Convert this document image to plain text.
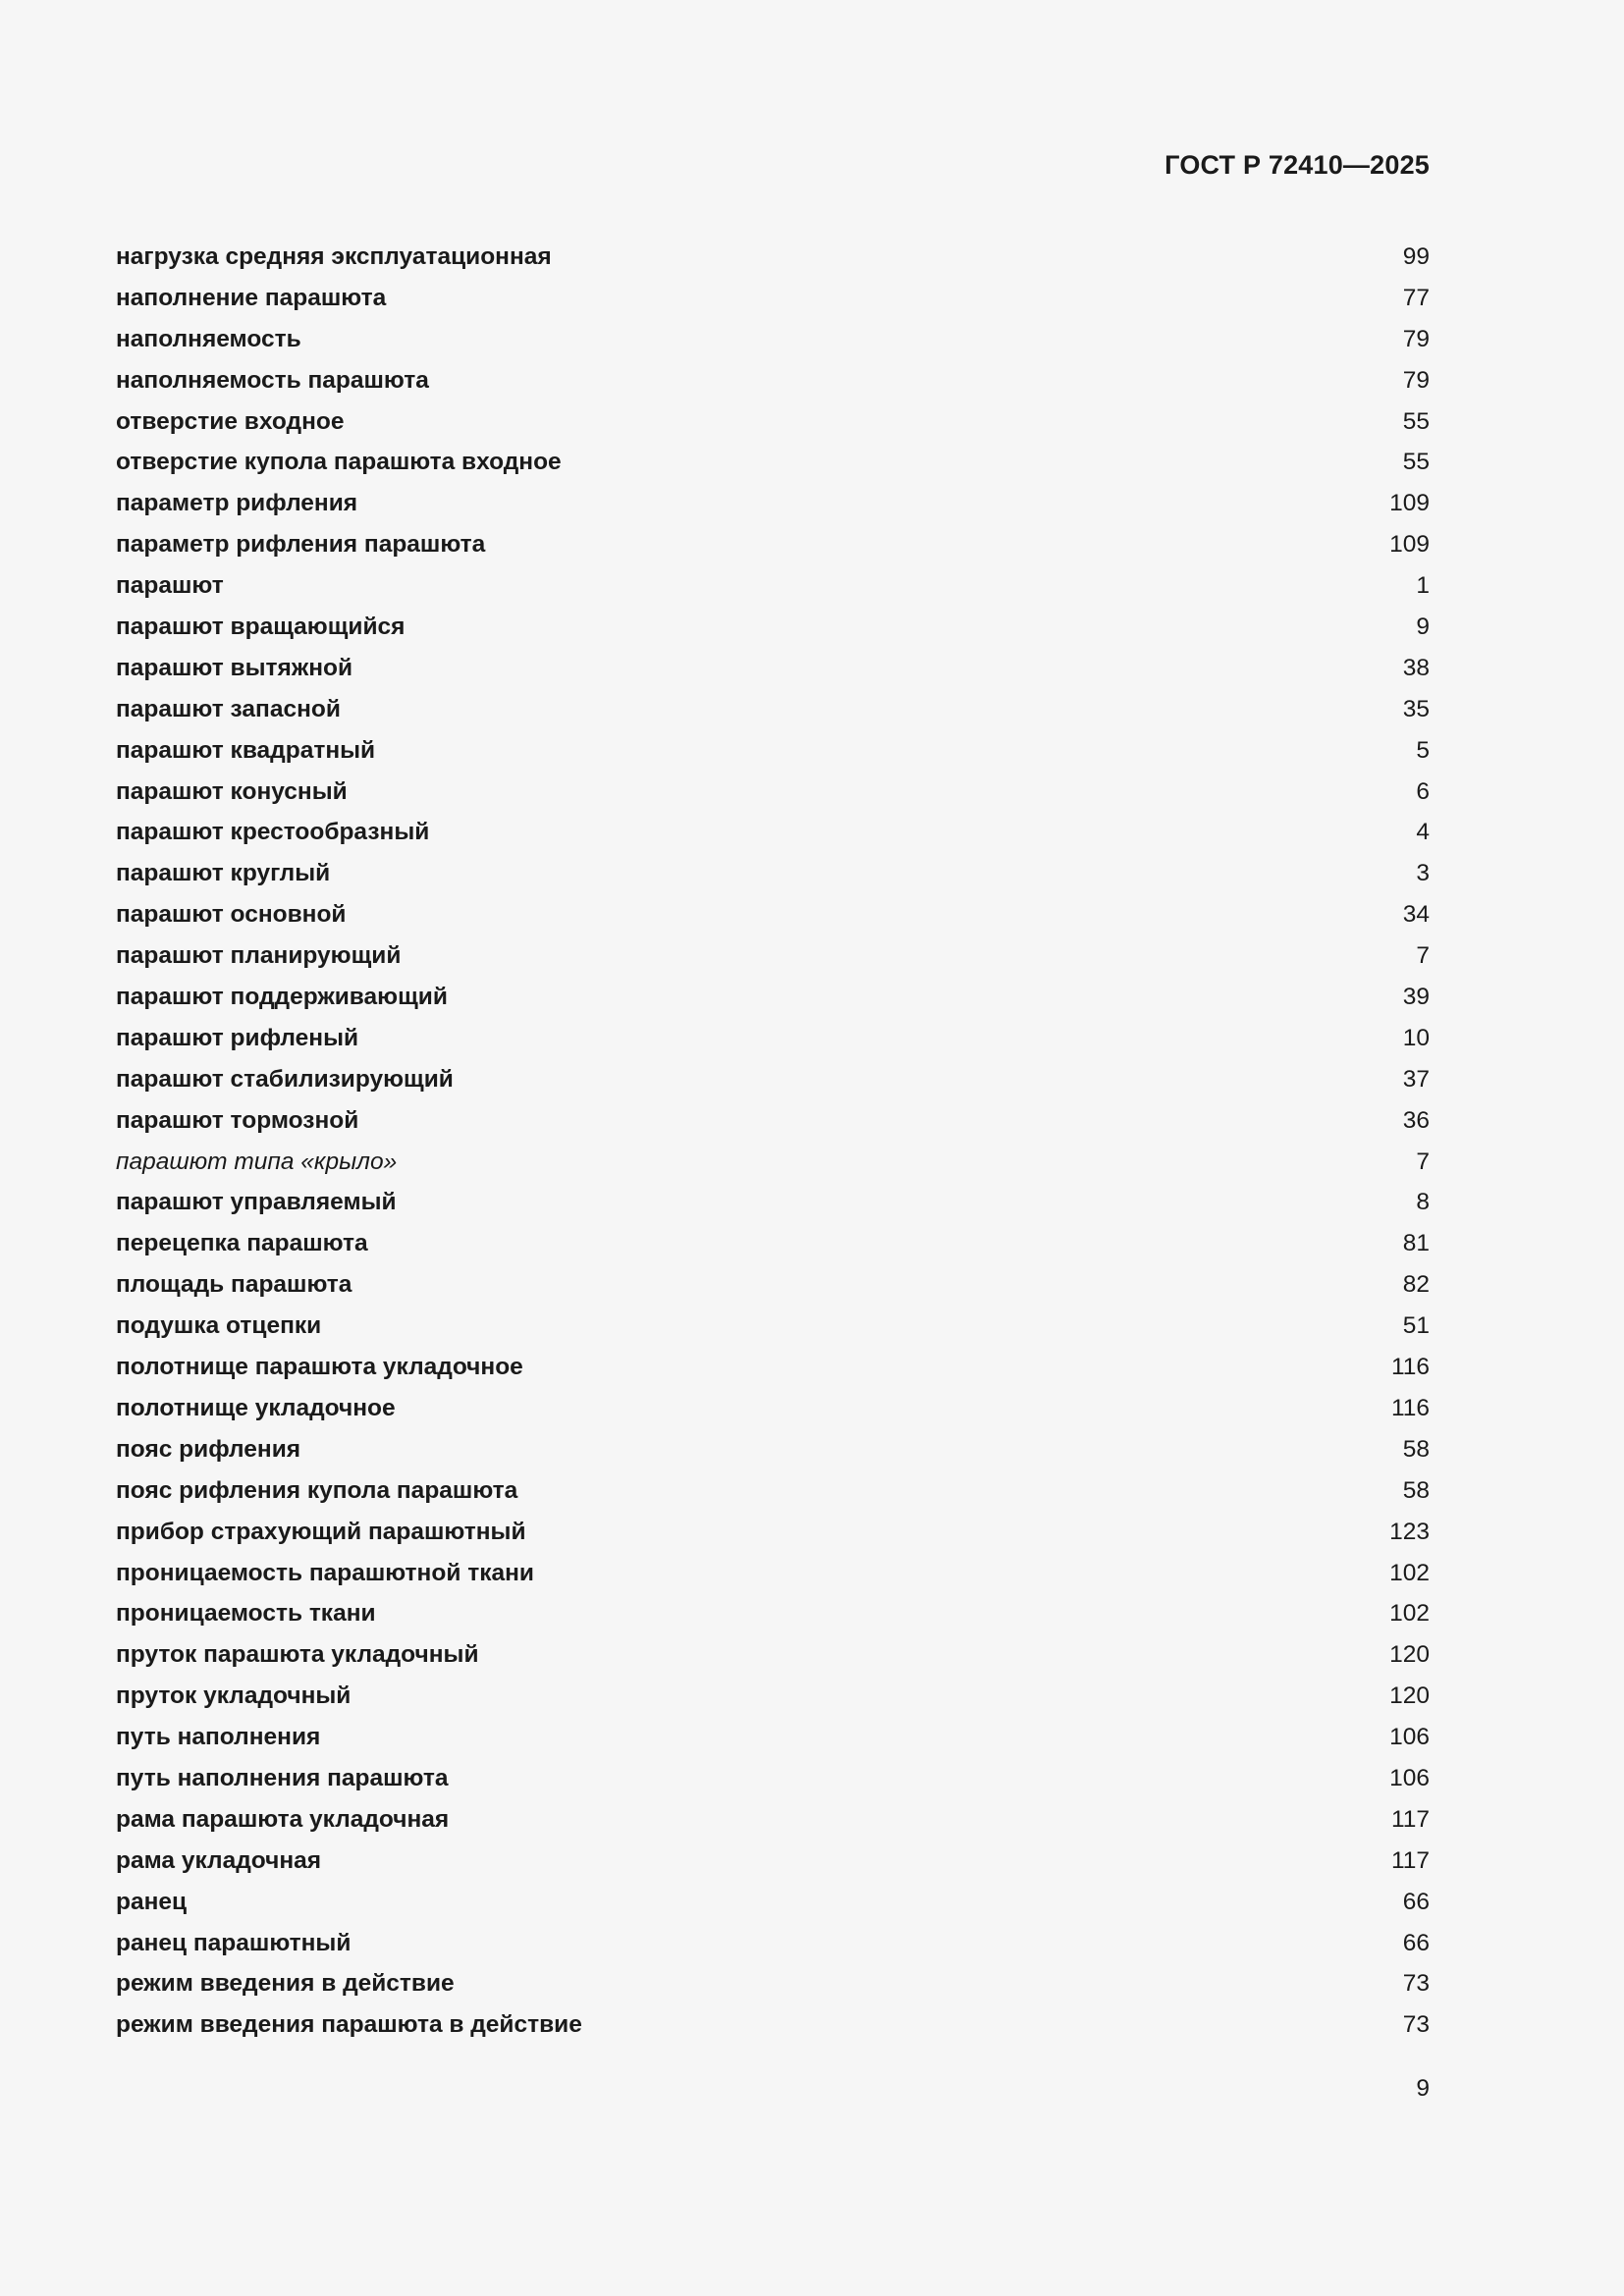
ГОСТ Р 72410—2025
нагрузка средняя эксплуатационная	99
наполнение парашюта	77
наполняемость	79
наполняемость парашюта	79
отверстие входное	55
отверстие купола парашюта входное	55
параметр рифления	109
параметр рифления парашюта	109
парашют	1
парашют вращающийся	9
парашют вытяжной	38
парашют запасной	35
парашют квадратный	5
парашют конусный	6
парашют крестообразный	4
парашют круглый	3
парашют основной	34
парашют планирующий	7
парашют поддерживающий	39
парашют рифленый	10
парашют стабилизирующий	37
парашют тормозной	36
парашют типа «крыло»	7
парашют управляемый	8
перецепка парашюта	81
площадь парашюта	82
подушка отцепки	51
полотнище парашюта укладочное	116
полотнище укладочное	116
пояс рифления	58
пояс рифления купола парашюта	58
прибор страхующий парашютный	123
проницаемость парашютной ткани	102
проницаемость ткани	102
пруток парашюта укладочный	120
пруток укладочный	120
путь наполнения	106
путь наполнения парашюта	106
рама парашюта укладочная	117
рама укладочная	117
ранец	66
ранец парашютный	66
режим введения в действие	73
режим введения парашюта в действие	73
9
